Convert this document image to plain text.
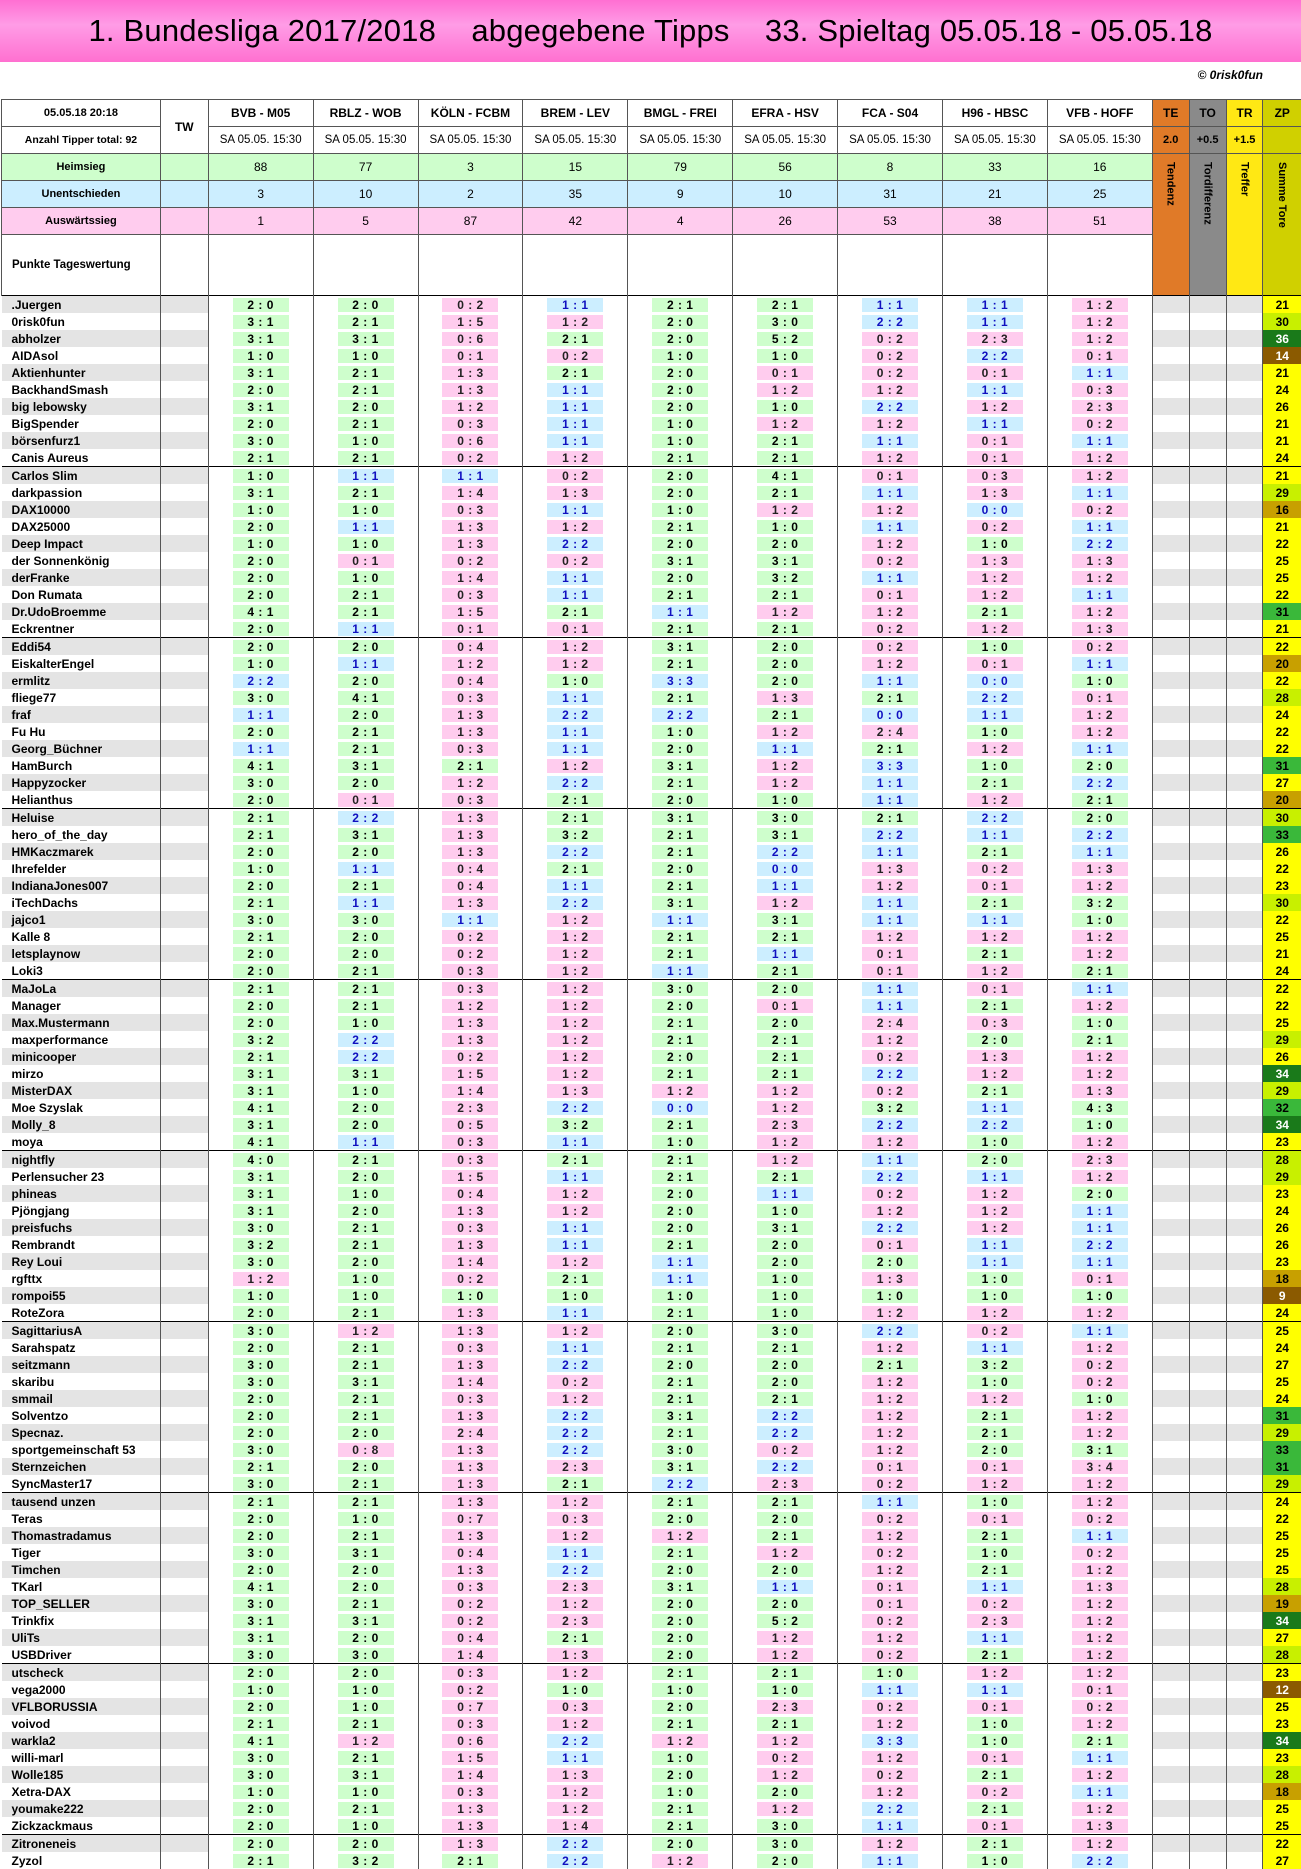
1. Bundesliga 2017/2018    abgegebene Tipps    33. Spieltag 05.05.18 - 05.05.18
© 0risk0fun
05.05.18 20:18	TW	BVB - M05	RBLZ - WOB	KÖLN - FCBM	BREM - LEV	BMGL - FREI	EFRA - HSV	FCA - S04	H96 - HBSC	VFB - HOFF	TE	TO	TR	ZP
Anzahl Tipper total: 92		SA 05.05. 15:30	SA 05.05. 15:30	SA 05.05. 15:30	SA 05.05. 15:30	SA 05.05. 15:30	SA 05.05. 15:30	SA 05.05. 15:30	SA 05.05. 15:30	SA 05.05. 15:30	2.0	+0.5	+1.5	
Heimsieg		88	77	3	15	79	56	8	33	16	Tendenz	Tordifferenz	Treffer	Summe Tore

Unentschieden		3	10	2	35	9	10	31	21	25				
Auswärtssieg		1	5	87	42	4	26	53	38	51				
Punkte Tageswertung														
.Juergen		2 : 0	2 : 0	0 : 2	1 : 1	2 : 1	2 : 1	1 : 1	1 : 1	1 : 2				21
0risk0fun		3 : 1	2 : 1	1 : 5	1 : 2	2 : 0	3 : 0	2 : 2	1 : 1	1 : 2				30
abholzer		3 : 1	3 : 1	0 : 6	2 : 1	2 : 0	5 : 2	0 : 2	2 : 3	1 : 2				36
AIDAsol		1 : 0	1 : 0	0 : 1	0 : 2	1 : 0	1 : 0	0 : 2	2 : 2	0 : 1				14
Aktienhunter		3 : 1	2 : 1	1 : 3	2 : 1	2 : 0	0 : 1	0 : 2	0 : 1	1 : 1				21
BackhandSmash		2 : 0	2 : 1	1 : 3	1 : 1	2 : 0	1 : 2	1 : 2	1 : 1	0 : 3				24
big lebowsky		3 : 1	2 : 0	1 : 2	1 : 1	2 : 0	1 : 0	2 : 2	1 : 2	2 : 3				26
BigSpender		2 : 0	2 : 1	0 : 3	1 : 1	1 : 0	1 : 2	1 : 2	1 : 1	0 : 2				21
börsenfurz1		3 : 0	1 : 0	0 : 6	1 : 1	1 : 0	2 : 1	1 : 1	0 : 1	1 : 1				21
Canis Aureus		2 : 1	2 : 1	0 : 2	1 : 2	2 : 1	2 : 1	1 : 2	0 : 1	1 : 2				24
Carlos Slim		1 : 0	1 : 1	1 : 1	0 : 2	2 : 0	4 : 1	0 : 1	0 : 3	1 : 2				21
darkpassion		3 : 1	2 : 1	1 : 4	1 : 3	2 : 0	2 : 1	1 : 1	1 : 3	1 : 1				29
DAX10000		1 : 0	1 : 0	0 : 3	1 : 1	1 : 0	1 : 2	1 : 2	0 : 0	0 : 2				16
DAX25000		2 : 0	1 : 1	1 : 3	1 : 2	2 : 1	1 : 0	1 : 1	0 : 2	1 : 1				21
Deep Impact		1 : 0	1 : 0	1 : 3	2 : 2	2 : 0	2 : 0	1 : 2	1 : 0	2 : 2				22
der Sonnenkönig		2 : 0	0 : 1	0 : 2	0 : 2	3 : 1	3 : 1	0 : 2	1 : 3	1 : 3				25
derFranke		2 : 0	1 : 0	1 : 4	1 : 1	2 : 0	3 : 2	1 : 1	1 : 2	1 : 2				25
Don Rumata		2 : 0	2 : 1	0 : 3	1 : 1	2 : 1	2 : 1	0 : 1	1 : 2	1 : 1				22
Dr.UdoBroemme		4 : 1	2 : 1	1 : 5	2 : 1	1 : 1	1 : 2	1 : 2	2 : 1	1 : 2				31
Eckrentner		2 : 0	1 : 1	0 : 1	0 : 1	2 : 1	2 : 1	0 : 2	1 : 2	1 : 3				21
Eddi54		2 : 0	2 : 0	0 : 4	1 : 2	3 : 1	2 : 0	0 : 2	1 : 0	0 : 2				22
EiskalterEngel		1 : 0	1 : 1	1 : 2	1 : 2	2 : 1	2 : 0	1 : 2	0 : 1	1 : 1				20
ermlitz		2 : 2	2 : 0	0 : 4	1 : 0	3 : 3	2 : 0	1 : 1	0 : 0	1 : 0				22
fliege77		3 : 0	4 : 1	0 : 3	1 : 1	2 : 1	1 : 3	2 : 1	2 : 2	0 : 1				28
fraf		1 : 1	2 : 0	1 : 3	2 : 2	2 : 2	2 : 1	0 : 0	1 : 1	1 : 2				24
Fu Hu		2 : 0	2 : 1	1 : 3	1 : 1	1 : 0	1 : 2	2 : 4	1 : 0	1 : 2				22
Georg_Büchner		1 : 1	2 : 1	0 : 3	1 : 1	2 : 0	1 : 1	2 : 1	1 : 2	1 : 1				22
HamBurch		4 : 1	3 : 1	2 : 1	1 : 2	3 : 1	1 : 2	3 : 3	1 : 0	2 : 0				31
Happyzocker		3 : 0	2 : 0	1 : 2	2 : 2	2 : 1	1 : 2	1 : 1	2 : 1	2 : 2				27
Helianthus		2 : 0	0 : 1	0 : 3	2 : 1	2 : 0	1 : 0	1 : 1	1 : 2	2 : 1				20
Heluise		2 : 1	2 : 2	1 : 3	2 : 1	3 : 1	3 : 0	2 : 1	2 : 2	2 : 0				30
hero_of_the_day		2 : 1	3 : 1	1 : 3	3 : 2	2 : 1	3 : 1	2 : 2	1 : 1	2 : 2				33
HMKaczmarek		2 : 0	2 : 0	1 : 3	2 : 2	2 : 1	2 : 2	1 : 1	2 : 1	1 : 1				26
Ihrefelder		1 : 0	1 : 1	0 : 4	2 : 1	2 : 0	0 : 0	1 : 3	0 : 2	1 : 3				22
IndianaJones007		2 : 0	2 : 1	0 : 4	1 : 1	2 : 1	1 : 1	1 : 2	0 : 1	1 : 2				23
iTechDachs		2 : 1	1 : 1	1 : 3	2 : 2	3 : 1	1 : 2	1 : 1	2 : 1	3 : 2				30
jajco1		3 : 0	3 : 0	1 : 1	1 : 2	1 : 1	3 : 1	1 : 1	1 : 1	1 : 0				22
Kalle 8		2 : 1	2 : 0	0 : 2	1 : 2	2 : 1	2 : 1	1 : 2	1 : 2	1 : 2				25
letsplaynow		2 : 0	2 : 0	0 : 2	1 : 2	2 : 1	1 : 1	0 : 1	2 : 1	1 : 2				21
Loki3		2 : 0	2 : 1	0 : 3	1 : 2	1 : 1	2 : 1	0 : 1	1 : 2	2 : 1				24
MaJoLa		2 : 1	2 : 1	0 : 3	1 : 2	3 : 0	2 : 0	1 : 1	0 : 1	1 : 1				22
Manager		2 : 0	2 : 1	1 : 2	1 : 2	2 : 0	0 : 1	1 : 1	2 : 1	1 : 2				22
Max.Mustermann		2 : 0	1 : 0	1 : 3	1 : 2	2 : 1	2 : 0	2 : 4	0 : 3	1 : 0				25
maxperformance		3 : 2	2 : 2	1 : 3	1 : 2	2 : 1	2 : 1	1 : 2	2 : 0	2 : 1				29
minicooper		2 : 1	2 : 2	0 : 2	1 : 2	2 : 0	2 : 1	0 : 2	1 : 3	1 : 2				26
mirzo		3 : 1	3 : 1	1 : 5	1 : 2	2 : 1	2 : 1	2 : 2	1 : 2	1 : 2				34
MisterDAX		3 : 1	1 : 0	1 : 4	1 : 3	1 : 2	1 : 2	0 : 2	2 : 1	1 : 3				29
Moe Szyslak		4 : 1	2 : 0	2 : 3	2 : 2	0 : 0	1 : 2	3 : 2	1 : 1	4 : 3				32
Molly_8		3 : 1	2 : 0	0 : 5	3 : 2	2 : 1	2 : 3	2 : 2	2 : 2	1 : 0				34
moya		4 : 1	1 : 1	0 : 3	1 : 1	1 : 0	1 : 2	1 : 2	1 : 0	1 : 2				23
nightfly		4 : 0	2 : 1	0 : 3	2 : 1	2 : 1	1 : 2	1 : 1	2 : 0	2 : 3				28
Perlensucher 23		3 : 1	2 : 0	1 : 5	1 : 1	2 : 1	2 : 1	2 : 2	1 : 1	1 : 2				29
phineas		3 : 1	1 : 0	0 : 4	1 : 2	2 : 0	1 : 1	0 : 2	1 : 2	2 : 0				23
Pjöngjang		3 : 1	2 : 0	1 : 3	1 : 2	2 : 0	1 : 0	1 : 2	1 : 2	1 : 1				24
preisfuchs		3 : 0	2 : 1	0 : 3	1 : 1	2 : 0	3 : 1	2 : 2	1 : 2	1 : 1				26
Rembrandt		3 : 2	2 : 1	1 : 3	1 : 1	2 : 1	2 : 0	0 : 1	1 : 1	2 : 2				26
Rey Loui		3 : 0	2 : 0	1 : 4	1 : 2	1 : 1	2 : 0	2 : 0	1 : 1	1 : 1				23
rgfttx		1 : 2	1 : 0	0 : 2	2 : 1	1 : 1	1 : 0	1 : 3	1 : 0	0 : 1				18
rompoi55		1 : 0	1 : 0	1 : 0	1 : 0	1 : 0	1 : 0	1 : 0	1 : 0	1 : 0				9
RoteZora		2 : 0	2 : 1	1 : 3	1 : 1	2 : 1	1 : 0	1 : 2	1 : 2	1 : 2				24
SagittariusA		3 : 0	1 : 2	1 : 3	1 : 2	2 : 0	3 : 0	2 : 2	0 : 2	1 : 1				25
Sarahspatz		2 : 0	2 : 1	0 : 3	1 : 1	2 : 1	2 : 1	1 : 2	1 : 1	1 : 2				24
seitzmann		3 : 0	2 : 1	1 : 3	2 : 2	2 : 0	2 : 0	2 : 1	3 : 2	0 : 2				27
skaribu		3 : 0	3 : 1	1 : 4	0 : 2	2 : 1	2 : 0	1 : 2	1 : 0	0 : 2				25
smmail		2 : 0	2 : 1	0 : 3	1 : 2	2 : 1	2 : 1	1 : 2	1 : 2	1 : 0				24
Solventzo		2 : 0	2 : 1	1 : 3	2 : 2	3 : 1	2 : 2	1 : 2	2 : 1	1 : 2				31
Specnaz.		2 : 0	2 : 0	2 : 4	2 : 2	2 : 1	2 : 2	1 : 2	2 : 1	1 : 2				29
sportgemeinschaft 53		3 : 0	0 : 8	1 : 3	2 : 2	3 : 0	0 : 2	1 : 2	2 : 0	3 : 1				33
Sternzeichen		2 : 1	2 : 0	1 : 3	2 : 3	3 : 1	2 : 2	0 : 1	0 : 1	3 : 4				31
SyncMaster17		3 : 0	2 : 1	1 : 3	2 : 1	2 : 2	2 : 3	0 : 2	1 : 2	1 : 2				29
tausend unzen		2 : 1	2 : 1	1 : 3	1 : 2	2 : 1	2 : 1	1 : 1	1 : 0	1 : 2				24
Teras		2 : 0	1 : 0	0 : 7	0 : 3	2 : 0	2 : 0	0 : 2	0 : 1	0 : 2				22
Thomastradamus		2 : 0	2 : 1	1 : 3	1 : 2	1 : 2	2 : 1	1 : 2	2 : 1	1 : 1				25
Tiger		3 : 0	3 : 1	0 : 4	1 : 1	2 : 1	1 : 2	0 : 2	1 : 0	0 : 2				25
Timchen		2 : 0	2 : 0	1 : 3	2 : 2	2 : 0	2 : 0	1 : 2	2 : 1	1 : 2				25
TKarl		4 : 1	2 : 0	0 : 3	2 : 3	3 : 1	1 : 1	0 : 1	1 : 1	1 : 3				28
TOP_SELLER		3 : 0	2 : 1	0 : 2	1 : 2	2 : 0	2 : 0	0 : 1	0 : 2	1 : 2				19
Trinkfix		3 : 1	3 : 1	0 : 2	2 : 3	2 : 0	5 : 2	0 : 2	2 : 3	1 : 2				34
UliTs		3 : 1	2 : 0	0 : 4	2 : 1	2 : 0	1 : 2	1 : 2	1 : 1	1 : 2				27
USBDriver		3 : 0	3 : 0	1 : 4	1 : 3	2 : 0	1 : 2	0 : 2	2 : 1	1 : 2				28
utscheck		2 : 0	2 : 0	0 : 3	1 : 2	2 : 1	2 : 1	1 : 0	1 : 2	1 : 2				23
vega2000		1 : 0	1 : 0	0 : 2	1 : 0	1 : 0	1 : 0	1 : 1	1 : 1	0 : 1				12
VFLBORUSSIA		2 : 0	1 : 0	0 : 7	0 : 3	2 : 0	2 : 3	0 : 2	0 : 1	0 : 2				25
voivod		2 : 1	2 : 1	0 : 3	1 : 2	2 : 1	2 : 1	1 : 2	1 : 0	1 : 2				23
warkla2		4 : 1	1 : 2	0 : 6	2 : 2	1 : 2	1 : 2	3 : 3	1 : 0	2 : 1				34
willi-marl		3 : 0	2 : 1	1 : 5	1 : 1	1 : 0	0 : 2	1 : 2	0 : 1	1 : 1				23
Wolle185		3 : 0	3 : 1	1 : 4	1 : 3	2 : 0	1 : 2	0 : 2	2 : 1	1 : 2				28
Xetra-DAX		1 : 0	1 : 0	0 : 3	1 : 2	1 : 0	2 : 0	1 : 2	0 : 2	1 : 1				18
youmake222		2 : 0	2 : 1	1 : 3	1 : 2	2 : 1	1 : 2	2 : 2	2 : 1	1 : 2				25
Zickzackmaus		2 : 0	1 : 0	1 : 3	1 : 4	2 : 1	3 : 0	1 : 1	0 : 1	1 : 3				25
Zitroneneis		2 : 0	2 : 0	1 : 3	2 : 2	2 : 0	3 : 0	1 : 2	2 : 1	1 : 2				22
Zyzol		2 : 1	3 : 2	2 : 1	2 : 2	1 : 2	2 : 0	1 : 1	1 : 0	2 : 2				27
